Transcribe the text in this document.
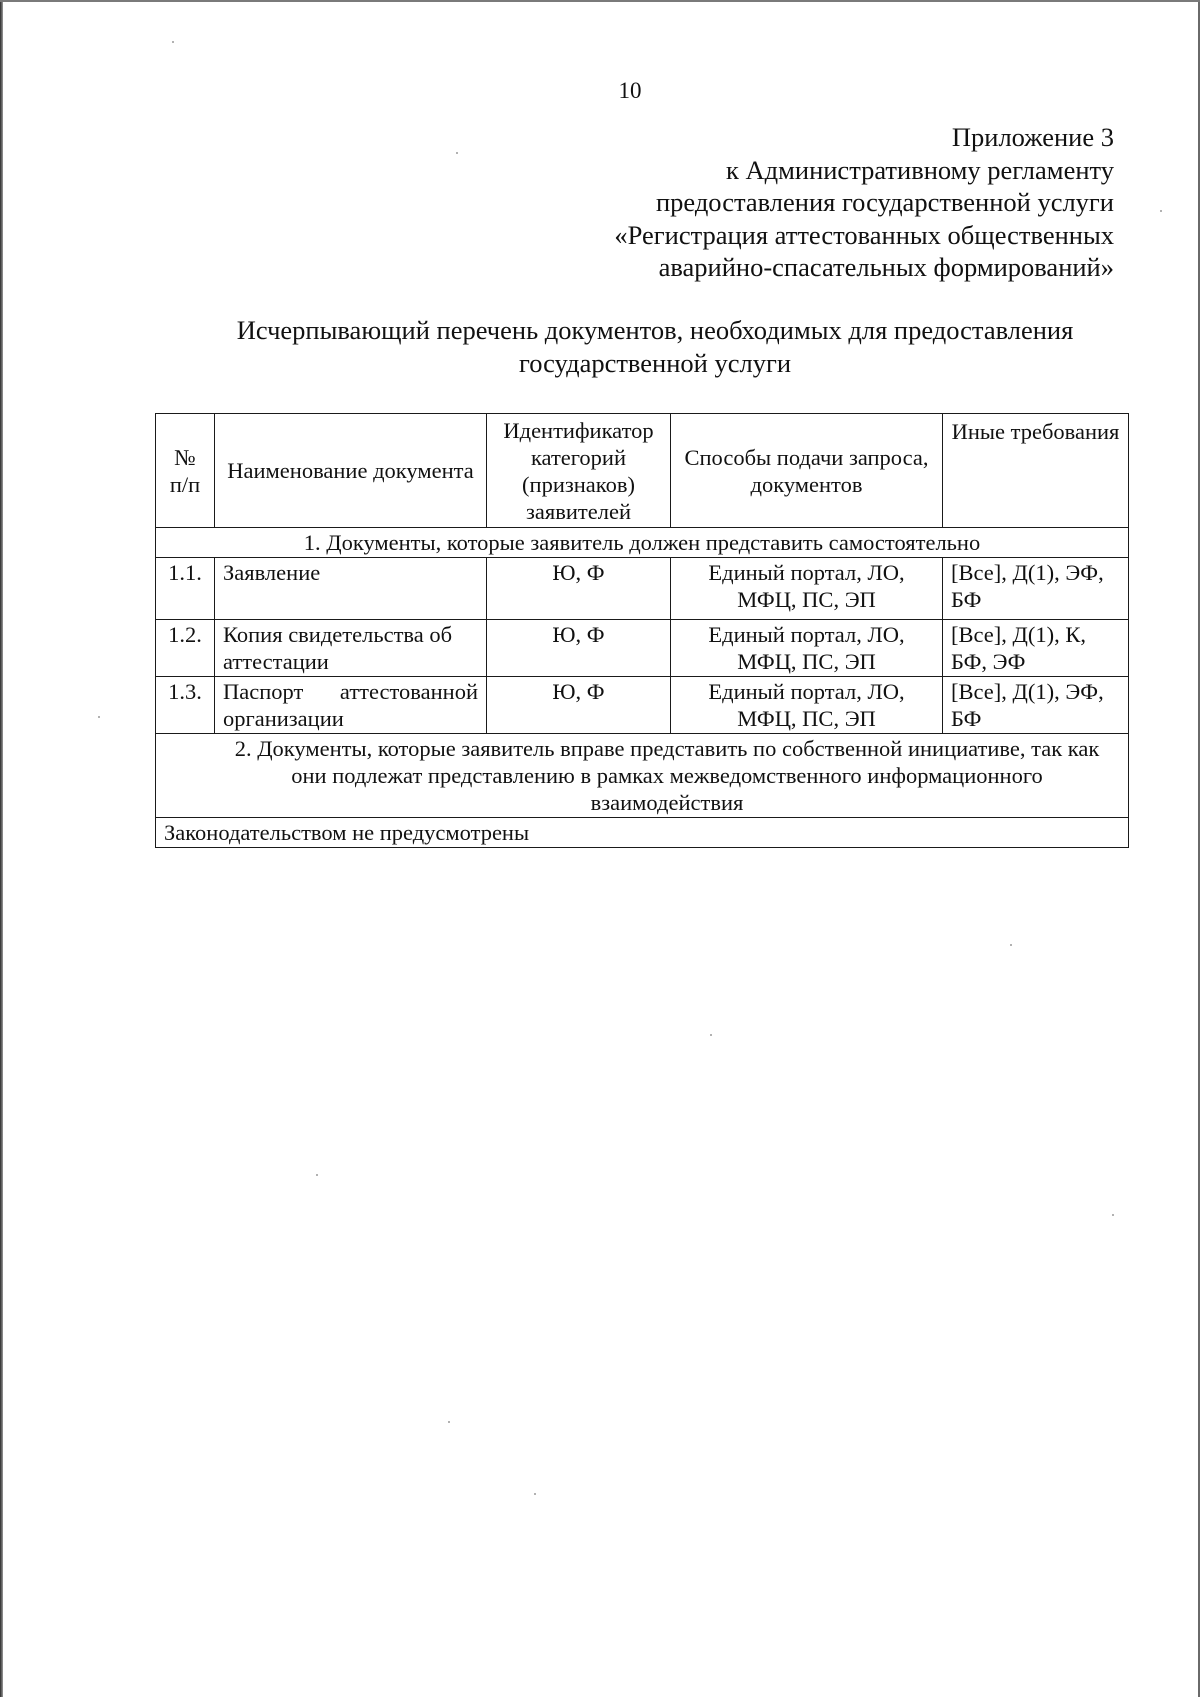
10
Приложение 3
к Административному регламенту
предоставления государственной услуги
«Регистрация аттестованных общественных
аварийно-спасательных формирований»
Исчерпывающий перечень документов, необходимых для предоставления
государственной услуги
№ п/п	Наименование документа	Идентификатор категорий (признаков) заявителей	Способы подачи запроса, документов	Иные требования
1. Документы, которые заявитель должен представить самостоятельно				
1.1.	Заявление	Ю, Ф	Единый портал, ЛО, МФЦ, ПС, ЭП	[Все], Д(1), ЭФ, БФ
1.2.	Копия свидетельства об аттестации	Ю, Ф	Единый портал, ЛО, МФЦ, ПС, ЭП	[Все], Д(1), К, БФ, ЭФ
1.3.	Паспорт аттестованной организации	Ю, Ф	Единый портал, ЛО, МФЦ, ПС, ЭП	[Все], Д(1), ЭФ, БФ
2. Документы, которые заявитель вправе представить по собственной инициативе, так как они подлежат представлению в рамках межведомственного информационного взаимодействия				
Законодательством не предусмотрены				
